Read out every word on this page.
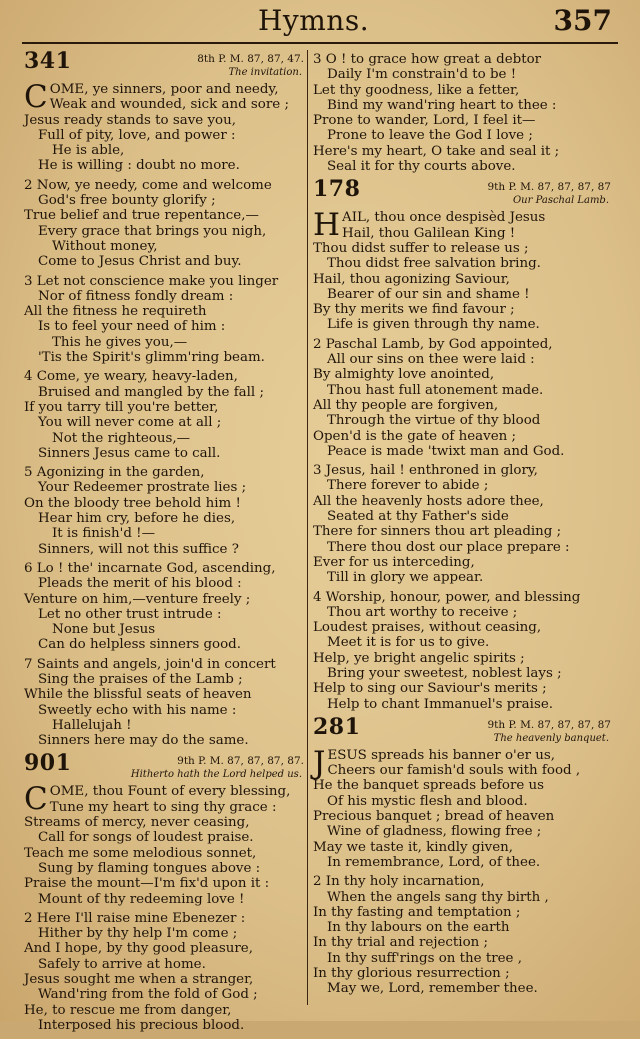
Hymns.	357
341	8th P. M. 87, 87, 47.
The invitation.
C OME, ye sinners, poor and needy,
Weak and wounded, sick and sore ;
Jesus ready stands to save you,
Full of pity, love, and power :
He is able,
He is willing : doubt no more.
2 Now, ye needy, come and welcome
God's free bounty glorify ;
True belief and true repentance,—
Every grace that brings you nigh,
Without money,
Come to Jesus Christ and buy.
3 Let not conscience make you linger
Nor of fitness fondly dream :
All the fitness he requireth
Is to feel your need of him :
This he gives you,—
'Tis the Spirit's glimm'ring beam.
4 Come, ye weary, heavy-laden,
Bruised and mangled by the fall ;
If you tarry till you're better,
You will never come at all ;
Not the righteous,—
Sinners Jesus came to call.
5 Agonizing in the garden,
Your Redeemer prostrate lies ;
On the bloody tree behold him !
Hear him cry, before he dies,
It is finish'd !—
Sinners, will not this suffice ?
6 Lo ! the' incarnate God, ascending,
Pleads the merit of his blood :
Venture on him,—venture freely ;
Let no other trust intrude :
None but Jesus
Can do helpless sinners good.
7 Saints and angels, join'd in concert
Sing the praises of the Lamb ;
While the blissful seats of heaven
Sweetly echo with his name :
Hallelujah !
Sinners here may do the same.
901	9th P. M. 87, 87, 87, 87.
Hitherto hath the Lord helped us.
C OME, thou Fount of every blessing,
Tune my heart to sing thy grace :
Streams of mercy, never ceasing,
Call for songs of loudest praise.
Teach me some melodious sonnet,
Sung by flaming tongues above :
Praise the mount—I'm fix'd upon it :
Mount of thy redeeming love !
2 Here I'll raise mine Ebenezer :
Hither by thy help I'm come ;
And I hope, by thy good pleasure,
Safely to arrive at home.
Jesus sought me when a stranger,
Wand'ring from the fold of God ;
He, to rescue me from danger,
Interposed his precious blood.
3 O ! to grace how great a debtor
Daily I'm constrain'd to be !
Let thy goodness, like a fetter,
Bind my wand'ring heart to thee :
Prone to wander, Lord, I feel it—
Prone to leave the God I love ;
Here's my heart, O take and seal it ;
Seal it for thy courts above.
178	9th P. M. 87, 87, 87, 87
Our Paschal Lamb.
H AIL, thou once despisèd Jesus
Hail, thou Galilean King !
Thou didst suffer to release us ;
Thou didst free salvation bring.
Hail, thou agonizing Saviour,
Bearer of our sin and shame !
By thy merits we find favour ;
Life is given through thy name.
2 Paschal Lamb, by God appointed,
All our sins on thee were laid :
By almighty love anointed,
Thou hast full atonement made.
All thy people are forgiven,
Through the virtue of thy blood
Open'd is the gate of heaven ;
Peace is made 'twixt man and God.
3 Jesus, hail ! enthroned in glory,
There forever to abide ;
All the heavenly hosts adore thee,
Seated at thy Father's side
There for sinners thou art pleading ;
There thou dost our place prepare :
Ever for us interceding,
Till in glory we appear.
4 Worship, honour, power, and blessing
Thou art worthy to receive ;
Loudest praises, without ceasing,
Meet it is for us to give.
Help, ye bright angelic spirits ;
Bring your sweetest, noblest lays ;
Help to sing our Saviour's merits ;
Help to chant Immanuel's praise.
281	9th P. M. 87, 87, 87, 87
The heavenly banquet.
J ESUS spreads his banner o'er us,
Cheers our famish'd souls with food ,
He the banquet spreads before us
Of his mystic flesh and blood.
Precious banquet ; bread of heaven
Wine of gladness, flowing free ;
May we taste it, kindly given,
In remembrance, Lord, of thee.
2 In thy holy incarnation,
When the angels sang thy birth ,
In thy fasting and temptation ;
In thy labours on the earth
In thy trial and rejection ;
In thy suff'rings on the tree ,
In thy glorious resurrection ;
May we, Lord, remember thee.
